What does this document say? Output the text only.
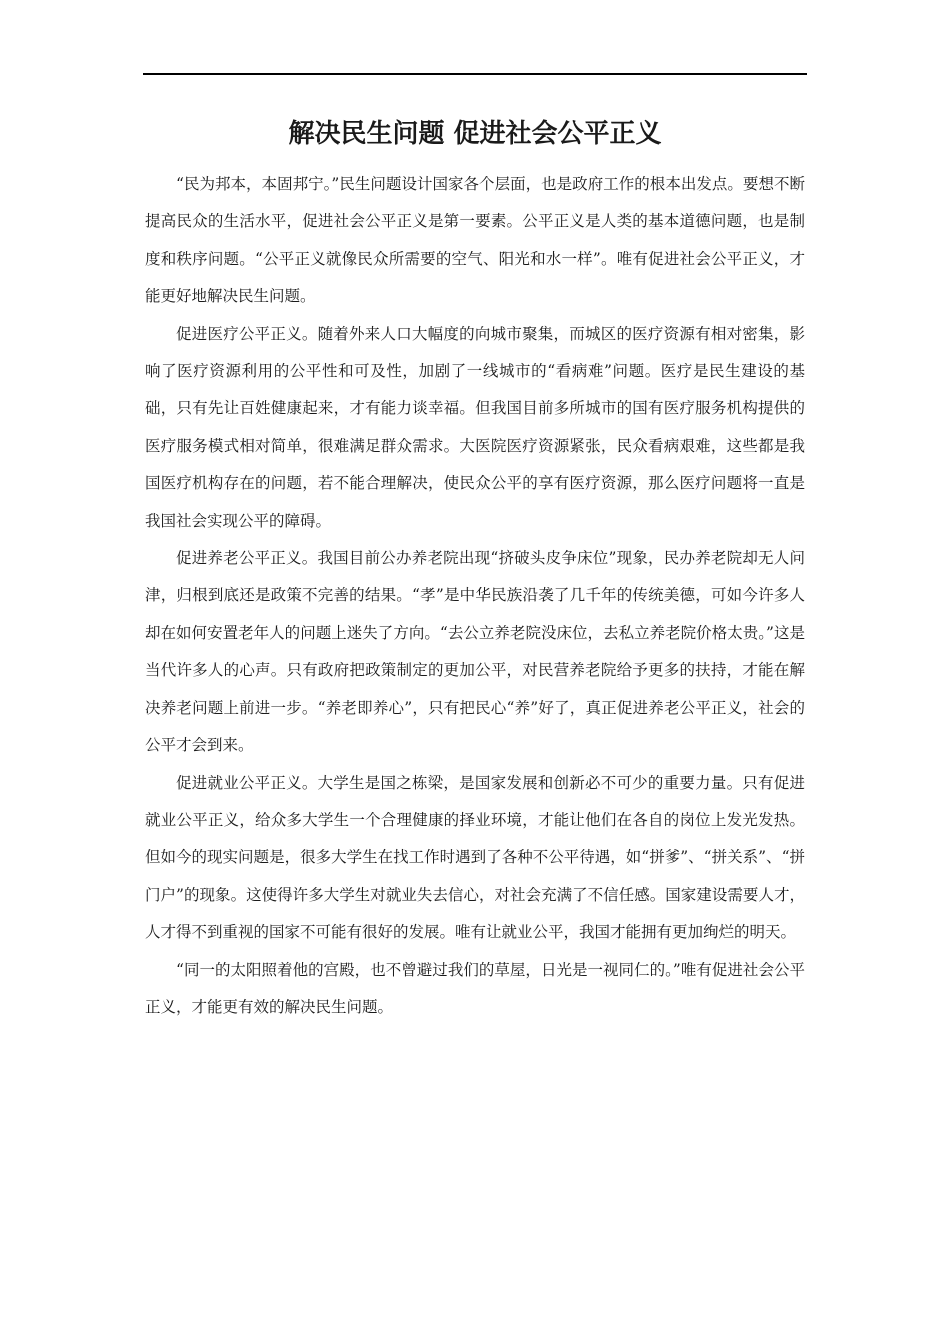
解决民生问题 促进社会公平正义

“民为邦本，本固邦宁。”民生问题设计国家各个层面，也是政府工作的根本出发点。要想不断提高民众的生活水平，促进社会公平正义是第一要素。公平正义是人类的基本道德问题，也是制度和秩序问题。“公平正义就像民众所需要的空气、阳光和水一样”。唯有促进社会公平正义，才能更好地解决民生问题。

促进医疗公平正义。随着外来人口大幅度的向城市聚集，而城区的医疗资源有相对密集，影响了医疗资源利用的公平性和可及性，加剧了一线城市的“看病难”问题。医疗是民生建设的基础，只有先让百姓健康起来，才有能力谈幸福。但我国目前多所城市的国有医疗服务机构提供的医疗服务模式相对简单，很难满足群众需求。大医院医疗资源紧张，民众看病艰难，这些都是我国医疗机构存在的问题，若不能合理解决，使民众公平的享有医疗资源，那么医疗问题将一直是我国社会实现公平的障碍。

促进养老公平正义。我国目前公办养老院出现“挤破头皮争床位”现象，民办养老院却无人问津，归根到底还是政策不完善的结果。“孝”是中华民族沿袭了几千年的传统美德，可如今许多人却在如何安置老年人的问题上迷失了方向。“去公立养老院没床位，去私立养老院价格太贵。”这是当代许多人的心声。只有政府把政策制定的更加公平，对民营养老院给予更多的扶持，才能在解决养老问题上前进一步。“养老即养心”，只有把民心“养”好了，真正促进养老公平正义，社会的公平才会到来。

促进就业公平正义。大学生是国之栋梁，是国家发展和创新必不可少的重要力量。只有促进就业公平正义，给众多大学生一个合理健康的择业环境，才能让他们在各自的岗位上发光发热。但如今的现实问题是，很多大学生在找工作时遇到了各种不公平待遇，如“拼爹”、“拼关系”、“拼门户”的现象。这使得许多大学生对就业失去信心，对社会充满了不信任感。国家建设需要人才，人才得不到重视的国家不可能有很好的发展。唯有让就业公平，我国才能拥有更加绚烂的明天。

“同一的太阳照着他的宫殿，也不曾避过我们的草屋，日光是一视同仁的。”唯有促进社会公平正义，才能更有效的解决民生问题。
